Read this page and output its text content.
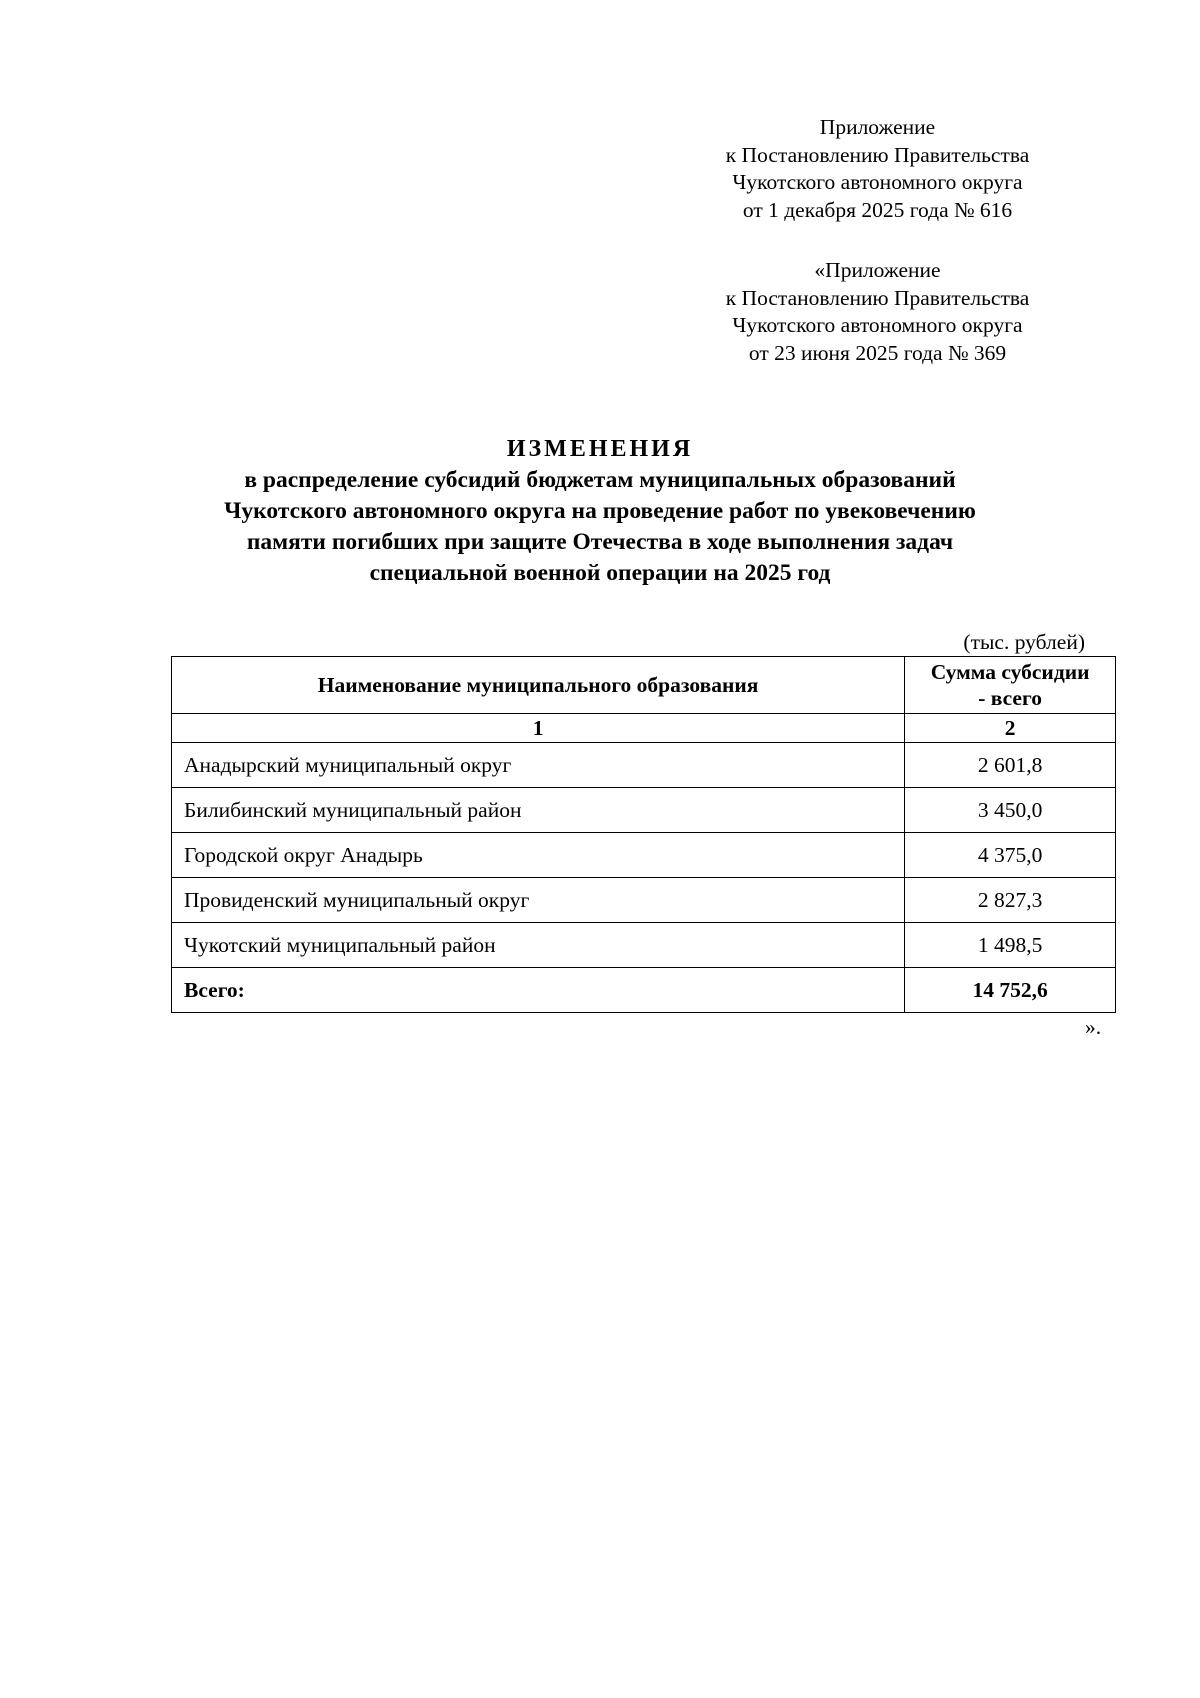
Приложение
к Постановлению Правительства
Чукотского автономного округа
от 1 декабря 2025 года № 616
«Приложение
к Постановлению Правительства
Чукотского автономного округа
от 23 июня 2025 года № 369
ИЗМЕНЕНИЯ
в распределение субсидий бюджетам муниципальных образований
Чукотского автономного округа на проведение работ по увековечению
памяти погибших при защите Отечества в ходе выполнения задач
специальной военной операции на 2025 год
(тыс. рублей)
Наименование муниципального образования	Сумма субсидии
- всего
1	2
Анадырский муниципальный округ	2 601,8
Билибинский муниципальный район	3 450,0
Городской округ Анадырь	4 375,0
Провиденский муниципальный округ	2 827,3
Чукотский муниципальный район	1 498,5
Всего:	14 752,6
».
